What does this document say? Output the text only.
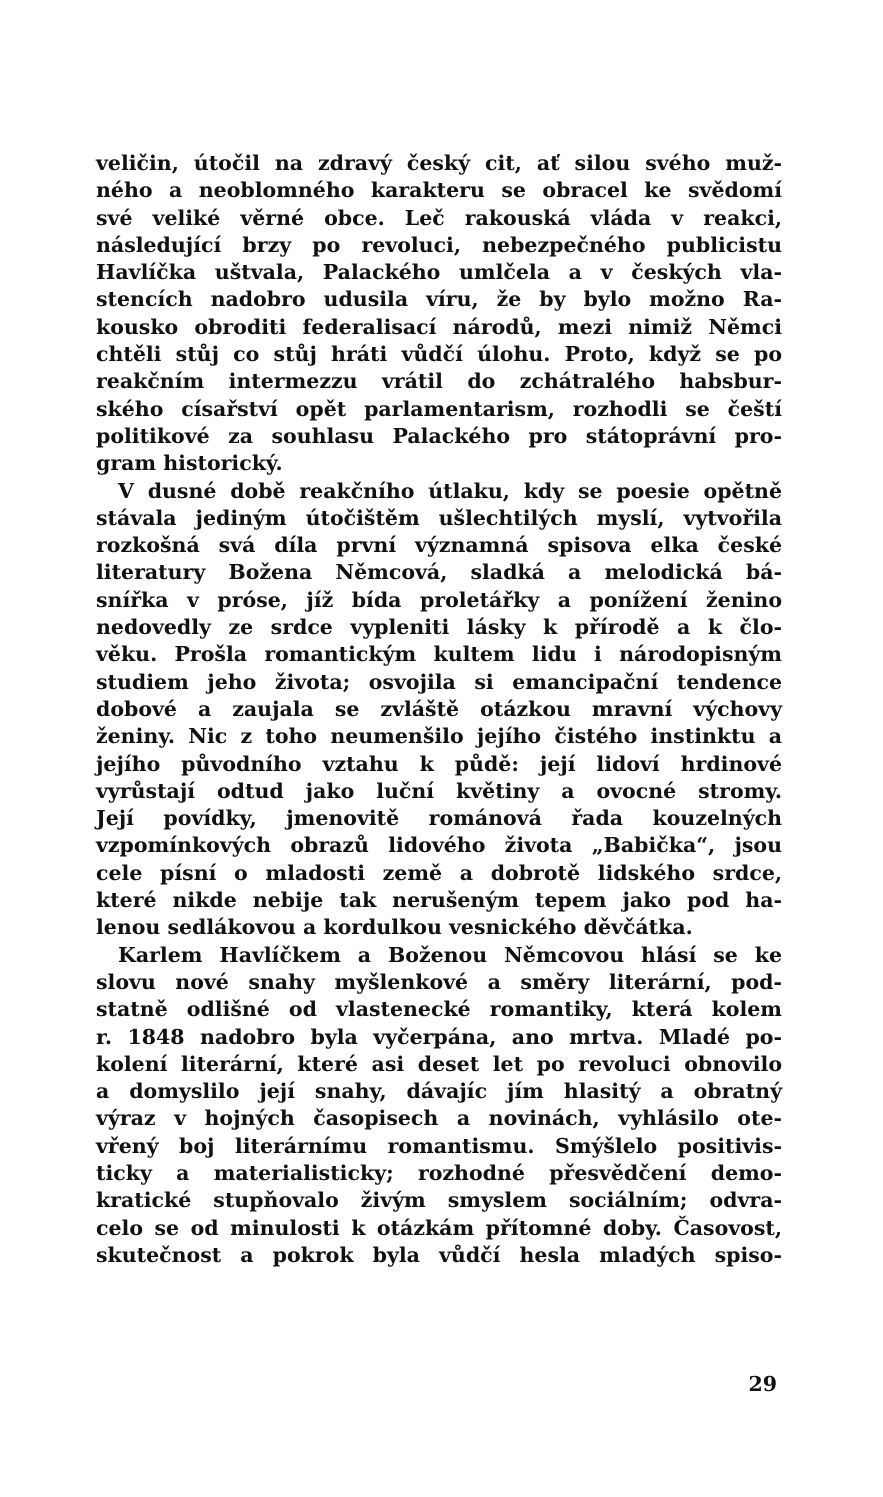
veličin, útočil na zdravý český cit, ať silou svého muž-
ného a neoblomného karakteru se obracel ke svědomí
své veliké věrné obce. Leč rakouská vláda v reakci,
následující brzy po revoluci, nebezpečného publicistu
Havlíčka uštvala, Palackého umlčela a v českých vla-
stencích nadobro udusila víru, že by bylo možno Ra-
kousko obroditi federalisací národů, mezi nimiž Němci
chtěli stůj co stůj hráti vůdčí úlohu. Proto, když se po
reakčním intermezzu vrátil do zchátralého habsbur-
ského císařství opět parlamentarism, rozhodli se čeští
politikové za souhlasu Palackého pro státoprávní pro-
gram historický.
V dusné době reakčního útlaku, kdy se poesie opětně
stávala jediným útočištěm ušlechtilých myslí, vytvořila
rozkošná svá díla první významná spisova elka české
literatury Božena Němcová, sladká a melodická bá-
snířka v próse, jíž bída proletářky a ponížení ženino
nedovedly ze srdce vypleniti lásky k přírodě a k člo-
věku. Prošla romantickým kultem lidu i národopisným
studiem jeho života; osvojila si emancipační tendence
dobové a zaujala se zvláště otázkou mravní výchovy
ženiny. Nic z toho neumenšilo jejího čistého instinktu a
jejího původního vztahu k půdě: její lidoví hrdinové
vyrůstají odtud jako luční květiny a ovocné stromy.
Její povídky, jmenovitě románová řada kouzelných
vzpomínkových obrazů lidového života „Babička“, jsou
cele písní o mladosti země a dobrotě lidského srdce,
které nikde nebije tak nerušeným tepem jako pod ha-
lenou sedlákovou a kordulkou vesnického děvčátka.
Karlem Havlíčkem a Boženou Němcovou hlásí se ke
slovu nové snahy myšlenkové a směry literární, pod-
statně odlišné od vlastenecké romantiky, která kolem
r. 1848 nadobro byla vyčerpána, ano mrtva. Mladé po-
kolení literární, které asi deset let po revoluci obnovilo
a domyslilo její snahy, dávajíc jím hlasitý a obratný
výraz v hojných časopisech a novinách, vyhlásilo ote-
vřený boj literárnímu romantismu. Smýšlelo positivis-
ticky a materialisticky; rozhodné přesvědčení demo-
kratické stupňovalo živým smyslem sociálním; odvra-
celo se od minulosti k otázkám přítomné doby. Časovost,
skutečnost a pokrok byla vůdčí hesla mladých spiso-
29
